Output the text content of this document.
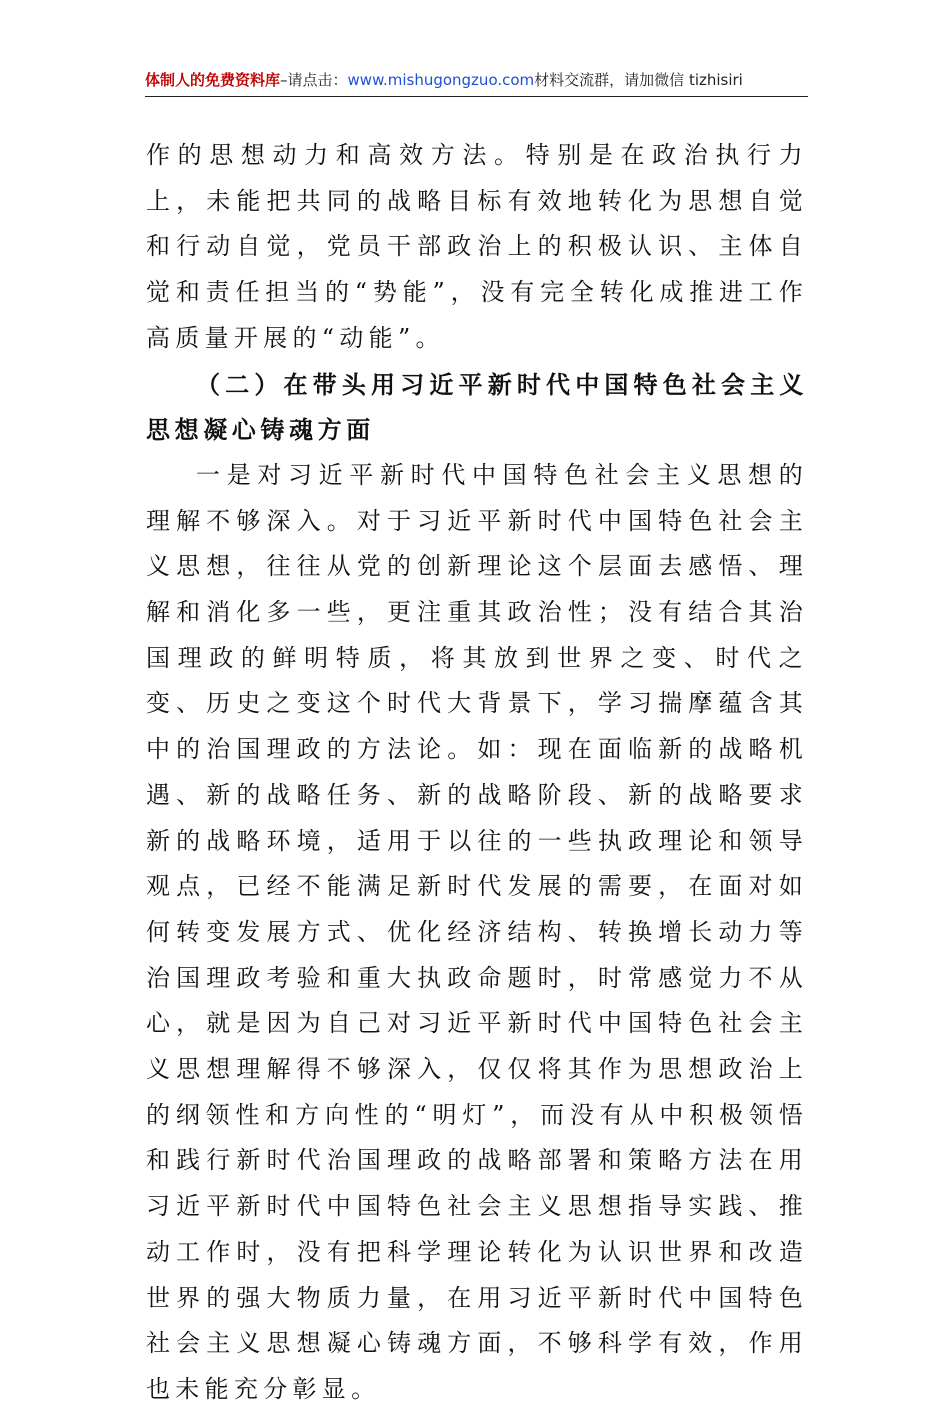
体制人的免费资料库–请点击：www.mishugongzuo.com材料交流群，请加微信 tizhisiri

作的思想动力和高效方法。特别是在政治执行力上，未能把共同的战略目标有效地转化为思想自觉和行动自觉，党员干部政治上的积极认识、主体自觉和责任担当的“势能”，没有完全转化成推进工作高质量开展的“动能”。

（二）在带头用习近平新时代中国特色社会主义思想凝心铸魂方面

一是对习近平新时代中国特色社会主义思想的理解不够深入。对于习近平新时代中国特色社会主义思想，往往从党的创新理论这个层面去感悟、理解和消化多一些，更注重其政治性；没有结合其治国理政的鲜明特质，将其放到世界之变、时代之变、历史之变这个时代大背景下，学习揣摩蕴含其中的治国理政的方法论。如：现在面临新的战略机遇、新的战略任务、新的战略阶段、新的战略要求新的战略环境，适用于以往的一些执政理论和领导观点，已经不能满足新时代发展的需要，在面对如何转变发展方式、优化经济结构、转换增长动力等治国理政考验和重大执政命题时，时常感觉力不从心，就是因为自己对习近平新时代中国特色社会主义思想理解得不够深入，仅仅将其作为思想政治上的纲领性和方向性的“明灯”，而没有从中积极领悟和践行新时代治国理政的战略部署和策略方法在用习近平新时代中国特色社会主义思想指导实践、推动工作时，没有把科学理论转化为认识世界和改造世界的强大物质力量，在用习近平新时代中国特色社会主义思想凝心铸魂方面，不够科学有效，作用也未能充分彰显。
